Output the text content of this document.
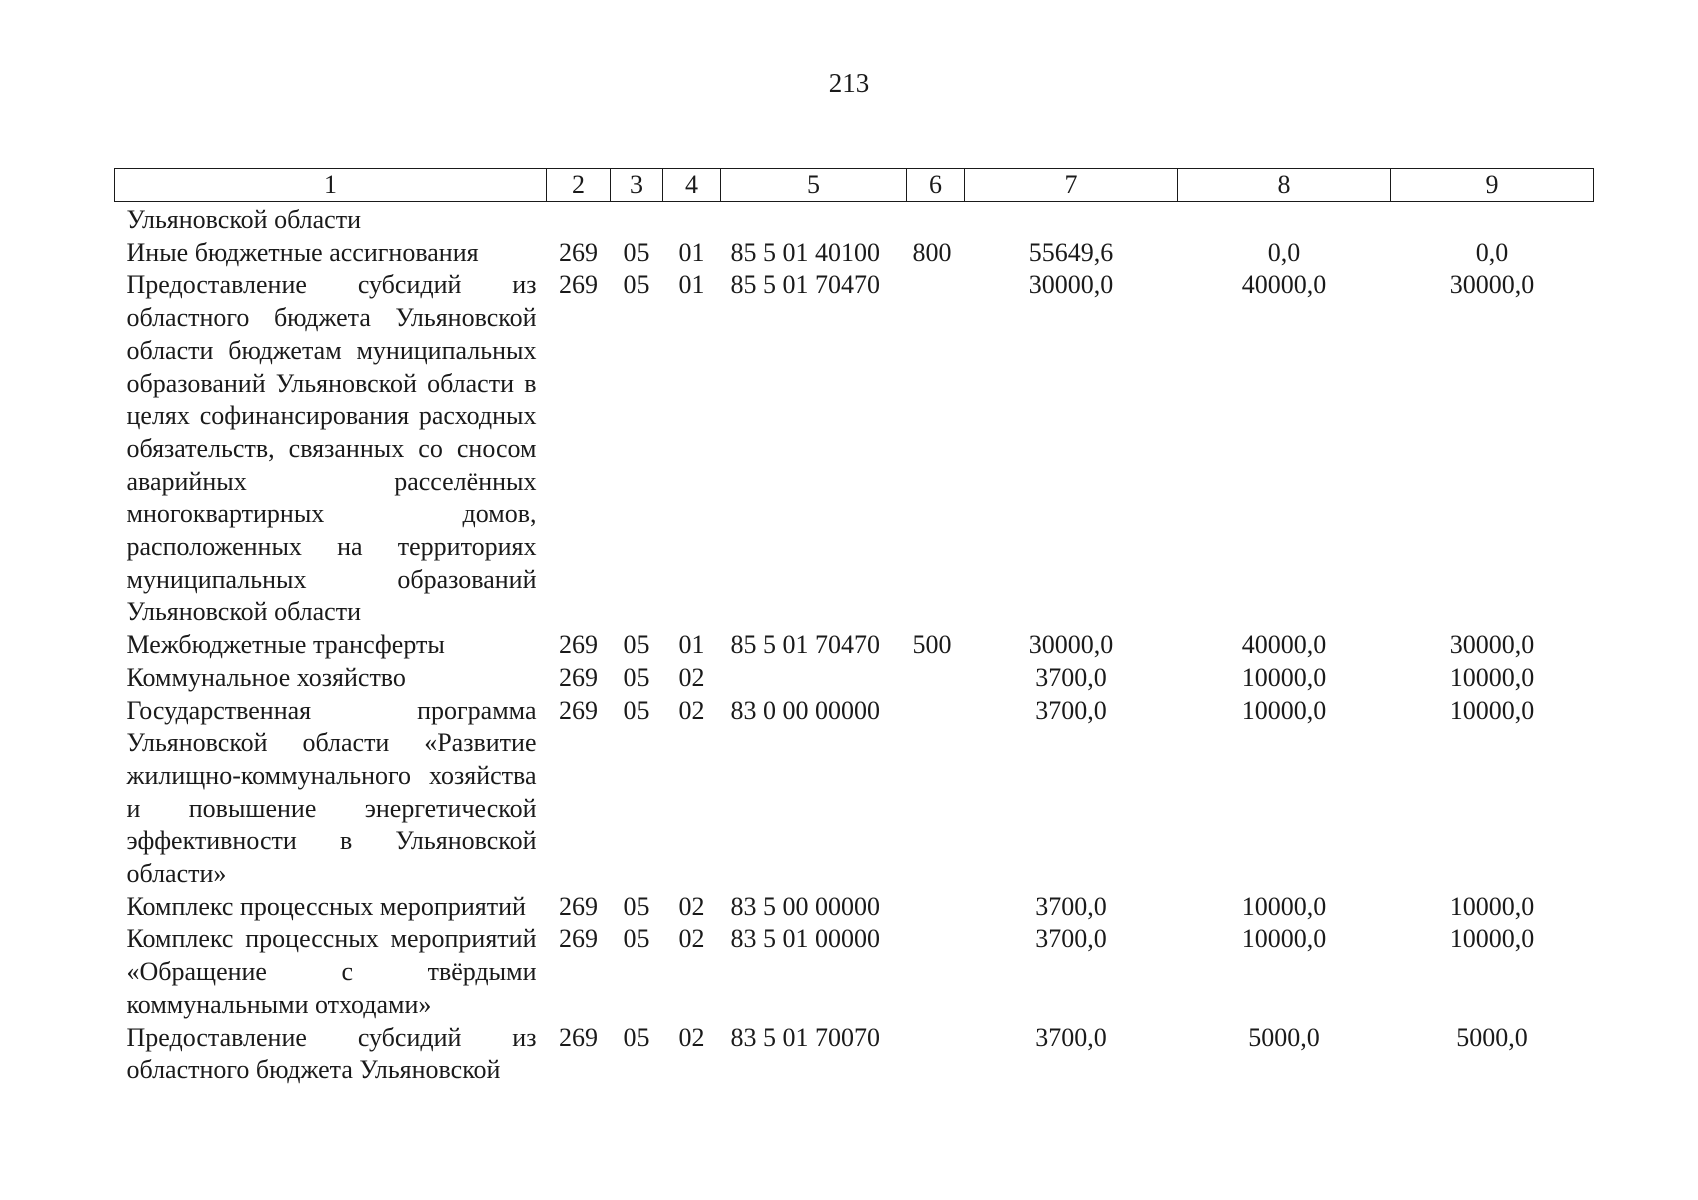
213
1	2	3	4	5	6	7	8	9
Ульяновской области								
Иные бюджетные ассигнования	269	05	01	85 5 01 40100	800	55649,6	0,0	0,0
Предоставление субсидий из областного бюджета Ульяновской области бюджетам муниципальных образований Ульяновской области в целях софинансирования расходных обязательств, связанных со сносом аварийных расселённых многоквартирных домов, расположенных на территориях муниципальных образований Ульяновской области	269	05	01	85 5 01 70470		30000,0	40000,0	30000,0
Межбюджетные трансферты	269	05	01	85 5 01 70470	500	30000,0	40000,0	30000,0
Коммунальное хозяйство	269	05	02			3700,0	10000,0	10000,0
Государственная программа Ульяновской области «Развитие жилищно-коммунального хозяйства и повышение энергетической эффективности в Ульяновской области»	269	05	02	83 0 00 00000		3700,0	10000,0	10000,0
Комплекс процессных мероприятий	269	05	02	83 5 00 00000		3700,0	10000,0	10000,0
Комплекс процессных мероприятий «Обращение с твёрдыми коммунальными отходами»	269	05	02	83 5 01 00000		3700,0	10000,0	10000,0
Предоставление субсидий из областного бюджета Ульяновской	269	05	02	83 5 01 70070		3700,0	5000,0	5000,0
